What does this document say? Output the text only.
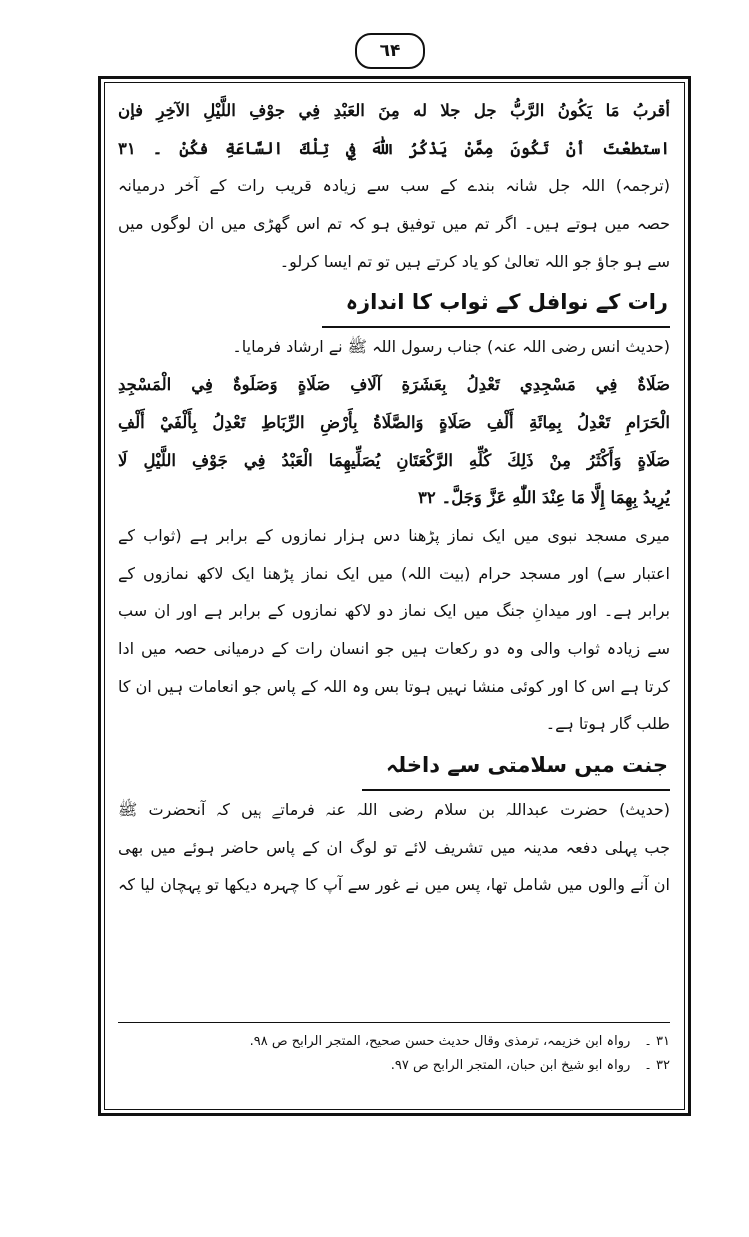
٦۴
أقربُ مَا يَكُونُ الرَّبُّ جل جلا له مِنَ العَبْدِ فِي جوْفِ اللَّيْلِ الآخِرِ فإن
استطعْتَ أنْ تَكُونَ مِمَّنْ يَذْكُرُ اللّٰهَ فِي تِلْكَ السَّاعَةِ فكُنْ ۔ ۳۱
(ترجمہ) اللہ جل شانہ بندے کے سب سے زیادہ قریب رات کے آخر درمیانہ
حصہ میں ہوتے ہیں۔ اگر تم میں توفیق ہو کہ تم اس گھڑی میں ان لوگوں میں
سے ہو جاؤ جو اللہ تعالیٰ کو یاد کرتے ہیں تو تم ایسا کرلو۔
رات کے نوافل کے ثواب کا اندازہ
(حدیث انس رضی اللہ عنہ) جناب رسول اللہ ﷺ نے ارشاد فرمایا۔
صَلَاةٌ فِي مَسْجِدِي تَعْدِلُ بِعَشَرَةِ آلَافِ صَلَاةٍ وَصَلَوةٌ فِي الْمَسْجِدِ
الْحَرَامِ تَعْدِلُ بِمِائَةِ أَلْفِ صَلَاةٍ وَالصَّلَاةُ بِأَرْضِ الرِّبَاطِ تَعْدِلُ بِأَلْفَيْ أَلْفِ
صَلَاةٍ وَأَكْثَرُ مِنْ ذَلِكَ كُلِّهِ الرَّكْعَتَانِ يُصَلِّيهِمَا الْعَبْدُ فِي جَوْفِ اللَّيْلِ لَا
يُرِيدُ بِهِمَا إِلَّا مَا عِنْدَ اللّٰهِ عَزَّ وَجَلَّ۔ ۳۲
میری مسجد نبوی میں ایک نماز پڑھنا دس ہزار نمازوں کے برابر ہے (ثواب کے
اعتبار سے) اور مسجد حرام (بیت اللہ) میں ایک نماز پڑھنا ایک لاکھ نمازوں کے
برابر ہے۔ اور میدانِ جنگ میں ایک نماز دو لاکھ نمازوں کے برابر ہے اور ان سب
سے زیادہ ثواب والی وہ دو رکعات ہیں جو انسان رات کے درمیانی حصہ میں ادا
کرتا ہے اس کا اور کوئی منشا نہیں ہوتا بس وہ اللہ کے پاس جو انعامات ہیں ان کا
طلب گار ہوتا ہے۔
جنت میں سلامتی سے داخلہ
(حدیث) حضرت عبداللہ بن سلام رضی اللہ عنہ فرماتے ہیں کہ آنحضرت ﷺ
جب پہلی دفعہ مدینہ میں تشریف لائے تو لوگ ان کے پاس حاضر ہوئے میں بھی
ان آنے والوں میں شامل تھا، پس میں نے غور سے آپ کا چہرہ دیکھا تو پہچان لیا کہ
۳۱ ۔رواہ ابن خزیمہ، ترمذی وقال حدیث حسن صحیح، المتجر الرابح ص ۹۸.
۳۲ ۔رواہ ابو شیخ ابن حبان، المتجر الرابح ص ۹۷.
